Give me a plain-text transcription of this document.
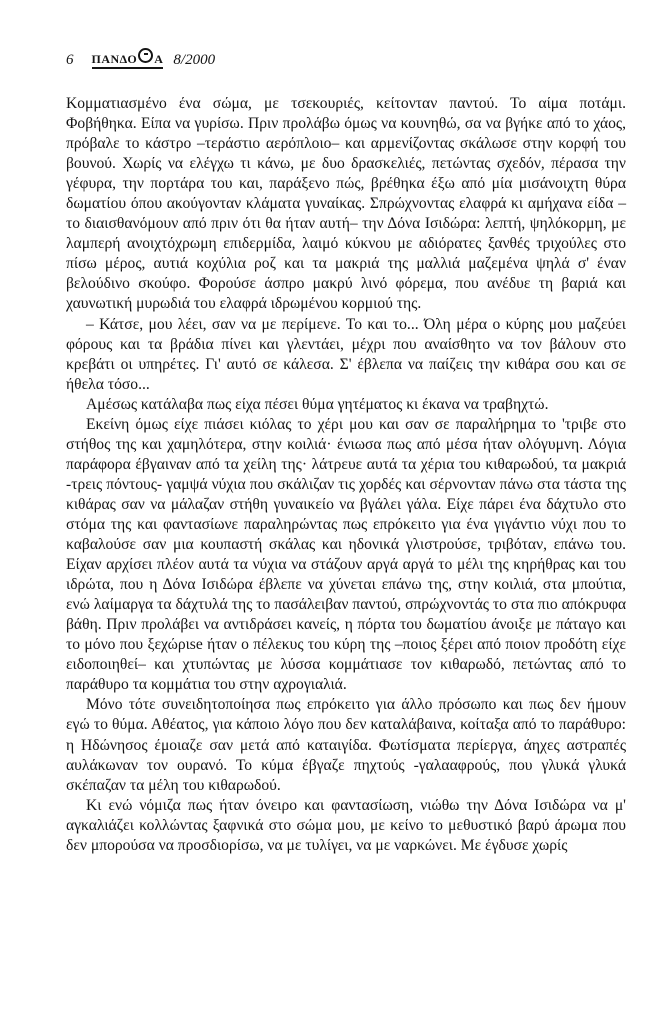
6 ΠΑΝΔΟ Α 8/2000

Κομματιασμένο ένα σώμα, με τσεκουριές, κείτονταν παντού. Το αίμα ποτάμι. Φοβήθηκα. Είπα να γυρίσω. Πριν προλάβω όμως να κουνηθώ, σα να βγήκε από το χάος, πρόβαλε το κάστρο –τεράστιο αερόπλοιο– και αρμενίζοντας σκάλωσε στην κορφή του βουνού. Χωρίς να ελέγχω τι κάνω, με δυο δρασκελιές, πετώντας σχεδόν, πέρασα την γέφυρα, την πορτάρα του και, παράξενο πώς, βρέθηκα έξω από μία μισάνοιχτη θύρα δωματίου όπου ακούγονταν κλάματα γυναίκας. Σπρώχνοντας ελαφρά κι αμήχανα είδα –το διαισθανόμουν από πριν ότι θα ήταν αυτή– την Δόνα Ισιδώρα: λεπτή, ψηλόκορμη, με λαμπερή ανοιχτόχρωμη επιδερμίδα, λαιμό κύκνου με αδιόρατες ξανθές τριχούλες στο πίσω μέρος, αυτιά κοχύλια ροζ και τα μακριά της μαλλιά μαζεμένα ψηλά σ' έναν βελούδινο σκούφο. Φορούσε άσπρο μακρύ λινό φόρεμα, που ανέδυε τη βαριά και χαυνωτική μυρωδιά του ελαφρά ιδρωμένου κορμιού της.

– Κάτσε, μου λέει, σαν να με περίμενε. Το και το... Όλη μέρα ο κύρης μου μαζεύει φόρους και τα βράδια πίνει και γλεντάει, μέχρι που αναίσθητο να τον βάλουν στο κρεβάτι οι υπηρέτες. Γι' αυτό σε κάλεσα. Σ' έβλεπα να παίζεις την κιθάρα σου και σε ήθελα τόσο...

Αμέσως κατάλαβα πως είχα πέσει θύμα γητέματος κι έκανα να τραβηχτώ.

Εκείνη όμως είχε πιάσει κιόλας το χέρι μου και σαν σε παραλήρημα το 'τριβε στο στήθος της και χαμηλότερα, στην κοιλιά· ένιωσα πως από μέσα ήταν ολόγυμνη. Λόγια παράφορα έβγαιναν από τα χείλη της· λάτρευε αυτά τα χέρια του κιθαρωδού, τα μακριά -τρεις πόντους- γαμψά νύχια που σκάλιζαν τις χορδές και σέρνονταν πάνω στα τάστα της κιθάρας σαν να μάλαζαν στήθη γυναικείο να βγάλει γάλα. Είχε πάρει ένα δάχτυλο στο στόμα της και φαντασίωνε παραληρώντας πως επρόκειτο για ένα γιγάντιο νύχι που το καβαλούσε σαν μια κουπαστή σκάλας και ηδονικά γλιστρούσε, τριβόταν, επάνω του. Είχαν αρχίσει πλέον αυτά τα νύχια να στάζουν αργά αργά το μέλι της κηρήθρας και του ιδρώτα, που η Δόνα Ισιδώρα έβλεπε να χύνεται επάνω της, στην κοιλιά, στα μπούτια, ενώ λαίμαργα τα δάχτυλά της το πασάλειβαν παντού, σπρώχνοντάς το στα πιο απόκρυφα βάθη. Πριν προλάβει να αντιδράσει κανείς, η πόρτα του δωματίου άνοιξε με πάταγο και το μόνο που ξεχώριse ήταν ο πέλεκυς του κύρη της –ποιος ξέρει από ποιον προδότη είχε ειδοποιηθεί– και χτυπώντας με λύσσα κομμάτιασε τον κιθαρωδό, πετώντας από το παράθυρο τα κομμάτια του στην αχρογιαλιά.

Μόνο τότε συνειδητοποίησα πως επρόκειτο για άλλο πρόσωπο και πως δεν ήμουν εγώ το θύμα. Αθέατος, για κάποιο λόγο που δεν καταλάβαινα, κοίταξα από το παράθυρο: η Ηδώνησος έμοιαζε σαν μετά από καταιγίδα. Φωτίσματα περίεργα, άηχες αστραπές αυλάκωναν τον ουρανό. Το κύμα έβγαζε πηχτούς -γαλααφρούς, που γλυκά γλυκά σκέπαζαν τα μέλη του κιθαρωδού.

Κι ενώ νόμιζα πως ήταν όνειρο και φαντασίωση, νιώθω την Δόνα Ισιδώρα να μ' αγκαλιάζει κολλώντας ξαφνικά στο σώμα μου, με κείνο το μεθυστικό βαρύ άρωμα που δεν μπορούσα να προσδιορίσω, να με τυλίγει, να με ναρκώνει. Με έγδυσε χωρίς
